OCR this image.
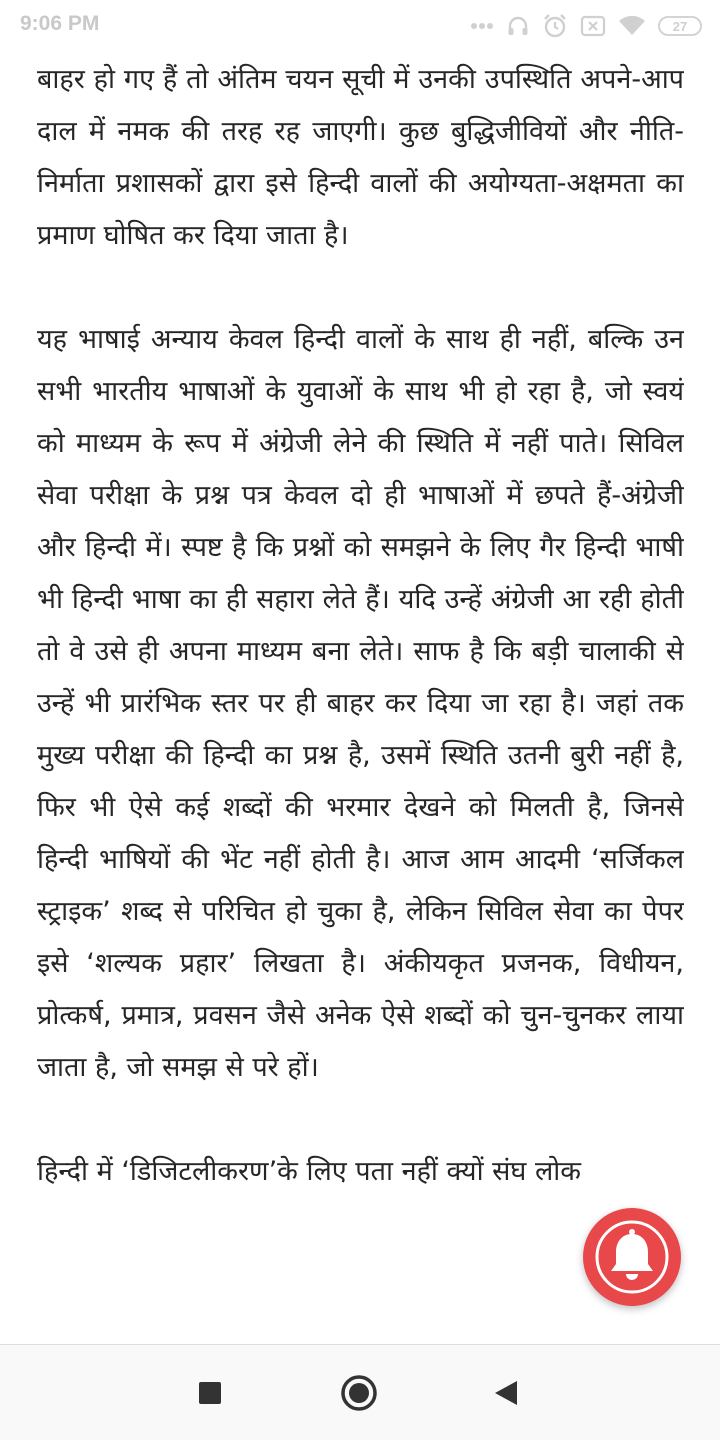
9:06 PM	27

बाहर हो गए हैं तो अंतिम चयन सूची में उनकी उपस्थिति अपने-आप दाल में नमक की तरह रह जाएगी। कुछ बुद्धिजीवियों और नीति-निर्माता प्रशासकों द्वारा इसे हिन्दी वालों की अयोग्यता-अक्षमता का प्रमाण घोषित कर दिया जाता है।

यह भाषाई अन्याय केवल हिन्दी वालों के साथ ही नहीं, बल्कि उन सभी भारतीय भाषाओं के युवाओं के साथ भी हो रहा है, जो स्वयं को माध्यम के रूप में अंग्रेजी लेने की स्थिति में नहीं पाते। सिविल सेवा परीक्षा के प्रश्न पत्र केवल दो ही भाषाओं में छपते हैं-अंग्रेजी और हिन्दी में। स्पष्ट है कि प्रश्नों को समझने के लिए गैर हिन्दी भाषी भी हिन्दी भाषा का ही सहारा लेते हैं। यदि उन्हें अंग्रेजी आ रही होती तो वे उसे ही अपना माध्यम बना लेते। साफ है कि बड़ी चालाकी से उन्हें भी प्रारंभिक स्तर पर ही बाहर कर दिया जा रहा है। जहां तक मुख्य परीक्षा की हिन्दी का प्रश्न है, उसमें स्थिति उतनी बुरी नहीं है, फिर भी ऐसे कई शब्दों की भरमार देखने को मिलती है, जिनसे हिन्दी भाषियों की भेंट नहीं होती है। आज आम आदमी ‘सर्जिकल स्ट्राइक’ शब्द से परिचित हो चुका है, लेकिन सिविल सेवा का पेपर इसे ‘शल्यक प्रहार’ लिखता है। अंकीयकृत प्रजनक, विधीयन, प्रोत्कर्ष, प्रमात्र, प्रवसन जैसे अनेक ऐसे शब्दों को चुन-चुनकर लाया जाता है, जो समझ से परे हों।

हिन्दी में ‘डिजिटलीकरण’के लिए पता नहीं क्यों संघ लोक
